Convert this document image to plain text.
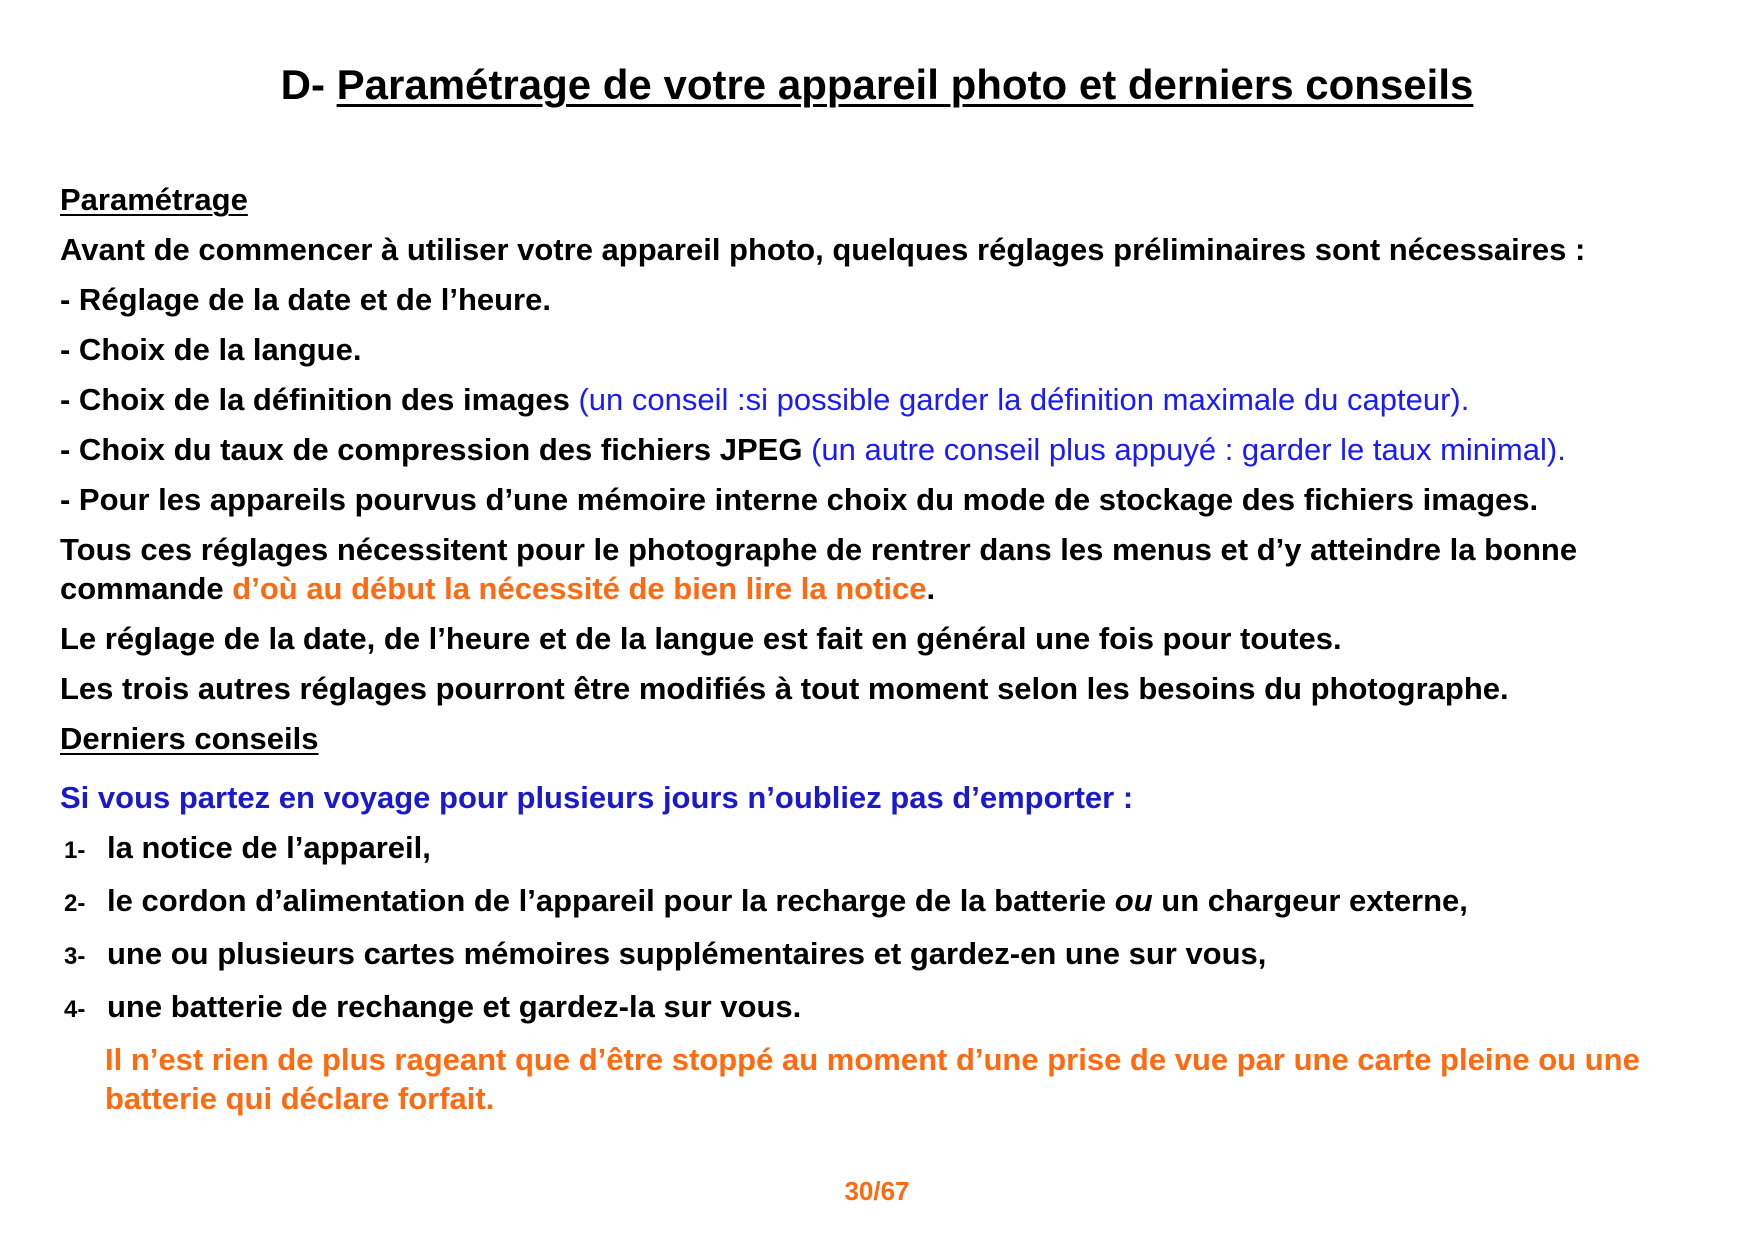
D- Paramétrage de votre appareil photo et derniers conseils
Paramétrage
Avant de commencer à utiliser votre appareil photo, quelques réglages préliminaires sont nécessaires :
- Réglage de la date et de l’heure.
- Choix de la langue.
- Choix de la définition des images (un conseil :si possible garder la définition maximale du capteur).
- Choix du taux de compression des fichiers JPEG (un autre conseil plus appuyé : garder le taux minimal).
- Pour les appareils pourvus d’une mémoire interne choix du mode de stockage des fichiers images.
Tous ces réglages nécessitent pour le photographe de rentrer dans les menus et d’y atteindre la bonne commande d’où au début la nécessité de bien lire la notice.
Le réglage de la date, de l’heure et de la langue est fait en général une fois pour toutes.
Les trois autres réglages pourront être modifiés à tout moment selon les besoins du photographe.
Derniers conseils
Si vous partez en voyage pour plusieurs jours n’oubliez pas d’emporter :
1- la notice de l’appareil,
2- le cordon d’alimentation de l’appareil pour la recharge de la batterie ou un chargeur externe,
3- une ou plusieurs cartes mémoires supplémentaires et gardez-en une sur vous,
4- une batterie de rechange et gardez-la sur vous.
Il n’est rien de plus rageant que d’être stoppé au moment d’une prise de vue par une carte pleine ou une batterie qui déclare forfait.
30/67
